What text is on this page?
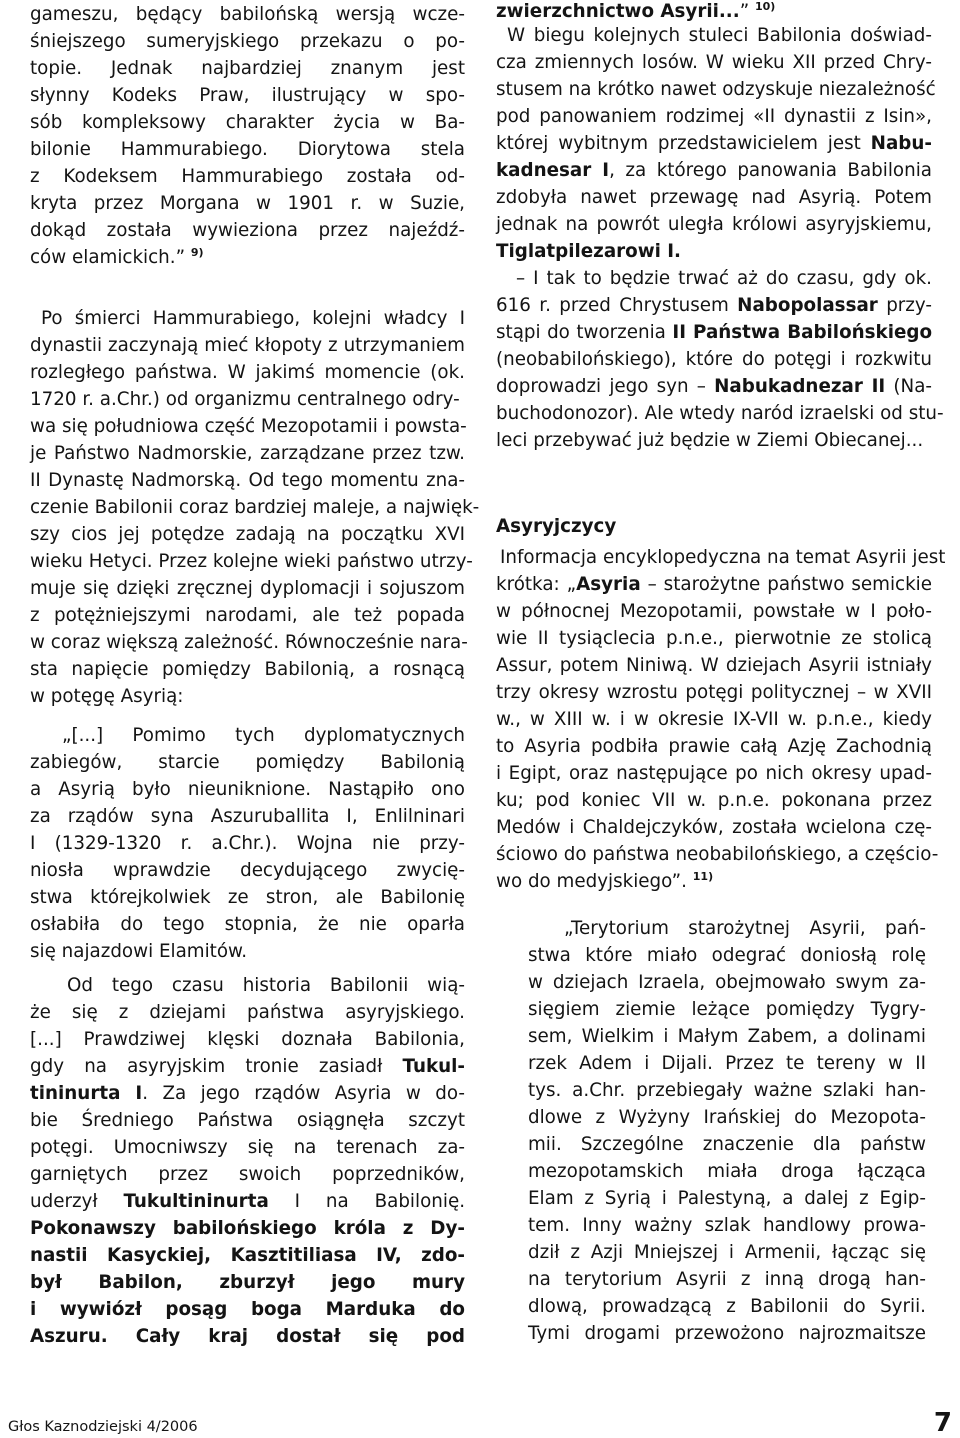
gameszu, będący babilońską wersją wcze-
śniejszego sumeryjskiego przekazu o po-
topie. Jednak najbardziej znanym jest
słynny Kodeks Praw, ilustrujący w spo-
sób kompleksowy charakter życia w Ba-
bilonie Hammurabiego. Diorytowa stela
z Kodeksem Hammurabiego została od-
kryta przez Morgana w 1901 r. w Suzie,
dokąd została wywieziona przez najeźdź-
ców elamickich.” $^{9)}$
Po śmierci Hammurabiego, kolejni władcy I
dynastii zaczynają mieć kłopoty z utrzymaniem
rozległego państwa. W jakimś momencie (ok.
1720 r. a.Chr.) od organizmu centralnego odry-
wa się południowa część Mezopotamii i powsta-
je Państwo Nadmorskie, zarządzane przez tzw.
II Dynastę Nadmorską. Od tego momentu zna-
czenie Babilonii coraz bardziej maleje, a najwięk-
szy cios jej potędze zadają na początku XVI
wieku Hetyci. Przez kolejne wieki państwo utrzy-
muje się dzięki zręcznej dyplomacji i sojuszom
z potężniejszymi narodami, ale też popada
w coraz większą zależność. Równocześnie nara-
sta napięcie pomiędzy Babilonią, a rosnącą
w potęgę Asyrią:
„[...] Pomimo tych dyplomatycznych
zabiegów, starcie pomiędzy Babilonią
a Asyrią było nieuniknione. Nastąpiło ono
za rządów syna Aszuruballita I, Enlilninari
I (1329-1320 r. a.Chr.). Wojna nie przy-
niosła wprawdzie decydującego zwycię-
stwa którejkolwiek ze stron, ale Babilonię
osłabiła do tego stopnia, że nie oparła
się najazdowi Elamitów.
Od tego czasu historia Babilonii wią-
że się z dziejami państwa asyryjskiego.
[...] Prawdziwej klęski doznała Babilonia,
gdy na asyryjskim tronie zasiadł Tukul-
tininurta I. Za jego rządów Asyria w do-
bie Średniego Państwa osiągnęła szczyt
potęgi. Umocniwszy się na terenach za-
garniętych przez swoich poprzedników,
uderzył Tukultininurta I na Babilonię.
Pokonawszy babilońskiego króla z Dy-
nastii Kasyckiej, Kasztitiliasa IV, zdo-
był Babilon, zburzył jego mury
i wywiózł posąg boga Marduka do
Aszuru. Cały kraj dostał się pod
zwierzchnictwo Asyrii...” $^{10)}$
W biegu kolejnych stuleci Babilonia doświad-
cza zmiennych losów. W wieku XII przed Chry-
stusem na krótko nawet odzyskuje niezależność
pod panowaniem rodzimej «II dynastii z Isin»,
której wybitnym przedstawicielem jest Nabu-
kadnesar I, za którego panowania Babilonia
zdobyła nawet przewagę nad Asyrią. Potem
jednak na powrót uległa królowi asyryjskiemu,
Tiglatpilezarowi I.
– I tak to będzie trwać aż do czasu, gdy ok.
616 r. przed Chrystusem Nabopolassar przy-
stąpi do tworzenia II Państwa Babilońskiego
(neobabilońskiego), które do potęgi i rozkwitu
doprowadzi jego syn – Nabukadnezar II (Na-
buchodonozor). Ale wtedy naród izraelski od stu-
leci przebywać już będzie w Ziemi Obiecanej...
Asyryjczycy
Informacja encyklopedyczna na temat Asyrii jest
krótka: „Asyria – starożytne państwo semickie
w północnej Mezopotamii, powstałe w I poło-
wie II tysiąclecia p.n.e., pierwotnie ze stolicą
Assur, potem Niniwą. W dziejach Asyrii istniały
trzy okresy wzrostu potęgi politycznej – w XVII
w., w XIII w. i w okresie IX-VII w. p.n.e., kiedy
to Asyria podbiła prawie całą Azję Zachodnią
i Egipt, oraz następujące po nich okresy upad-
ku; pod koniec VII w. p.n.e. pokonana przez
Medów i Chaldejczyków, została wcielona czę-
ściowo do państwa neobabilońskiego, a częścio-
wo do medyjskiego”. $^{11)}$
„Terytorium starożytnej Asyrii, pań-
stwa które miało odegrać doniosłą rolę
w dziejach Izraela, obejmowało swym za-
sięgiem ziemie leżące pomiędzy Tygry-
sem, Wielkim i Małym Zabem, a dolinami
rzek Adem i Dijali. Przez te tereny w II
tys. a.Chr. przebiegały ważne szlaki han-
dlowe z Wyżyny Irańskiej do Mezopota-
mii. Szczególne znaczenie dla państw
mezopotamskich miała droga łącząca
Elam z Syrią i Palestyną, a dalej z Egip-
tem. Inny ważny szlak handlowy prowa-
dził z Azji Mniejszej i Armenii, łącząc się
na terytorium Asyrii z inną drogą han-
dlową, prowadzącą z Babilonii do Syrii.
Tymi drogami przewożono najrozmaitsze
Głos Kaznodziejski 4/2006	7
